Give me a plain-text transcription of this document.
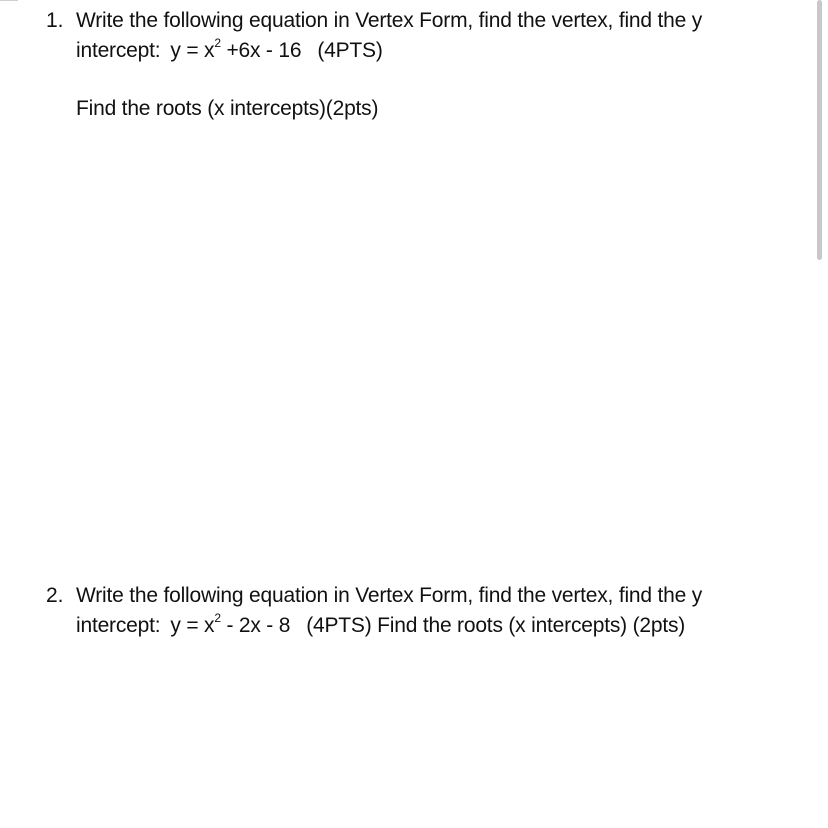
1. Write the following equation in Vertex Form, find the vertex, find the y
intercept: $y = x^2 +6x - 16$ (4PTS)
Find the roots (x intercepts)(2pts)
2. Write the following equation in Vertex Form, find the vertex, find the y
intercept: $y = x^2 - 2x - 8$ (4PTS) Find the roots (x intercepts) (2pts)
